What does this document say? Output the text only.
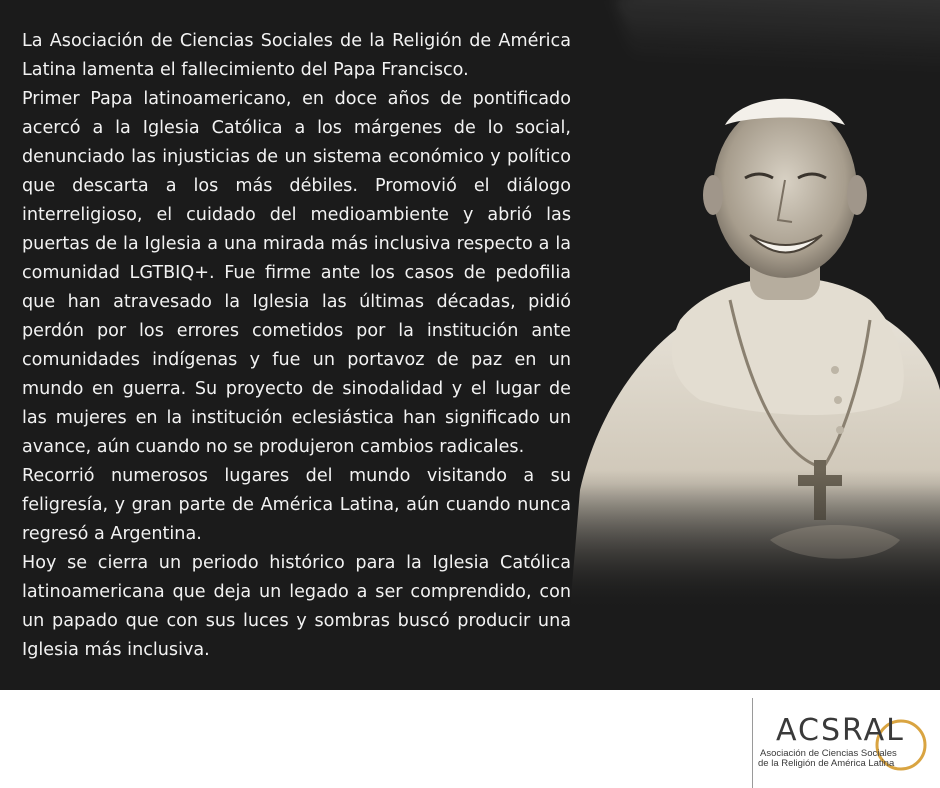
La Asociación de Ciencias Sociales de la Religión de América Latina lamenta el fallecimiento del Papa Francisco.

Primer Papa latinoamericano, en doce años de pontificado acercó a la Iglesia Católica a los márgenes de lo social, denunciado las injusticias de un sistema económico y político que descarta a los más débiles. Promovió el diálogo interreligioso, el cuidado del medioambiente y abrió las puertas de la Iglesia a una mirada más inclusiva respecto a la comunidad LGTBIQ+. Fue firme ante los casos de pedofilia que han atravesado la Iglesia las últimas décadas, pidió perdón por los errores cometidos por la institución ante comunidades indígenas y fue un portavoz de paz en un mundo en guerra. Su proyecto de sinodalidad y el lugar de las mujeres en la institución eclesiástica han significado un avance, aún cuando no se produjeron cambios radicales.

Recorrió numerosos lugares del mundo visitando a su feligresía, y gran parte de América Latina, aún cuando nunca regresó a Argentina.

Hoy se cierra un periodo histórico para la Iglesia Católica latinoamericana que deja un legado a ser comprendido, con un papado que con sus luces y sombras buscó producir una Iglesia más inclusiva.

ACSRAL
Asociación de Ciencias Sociales
de la Religión de América Latina
